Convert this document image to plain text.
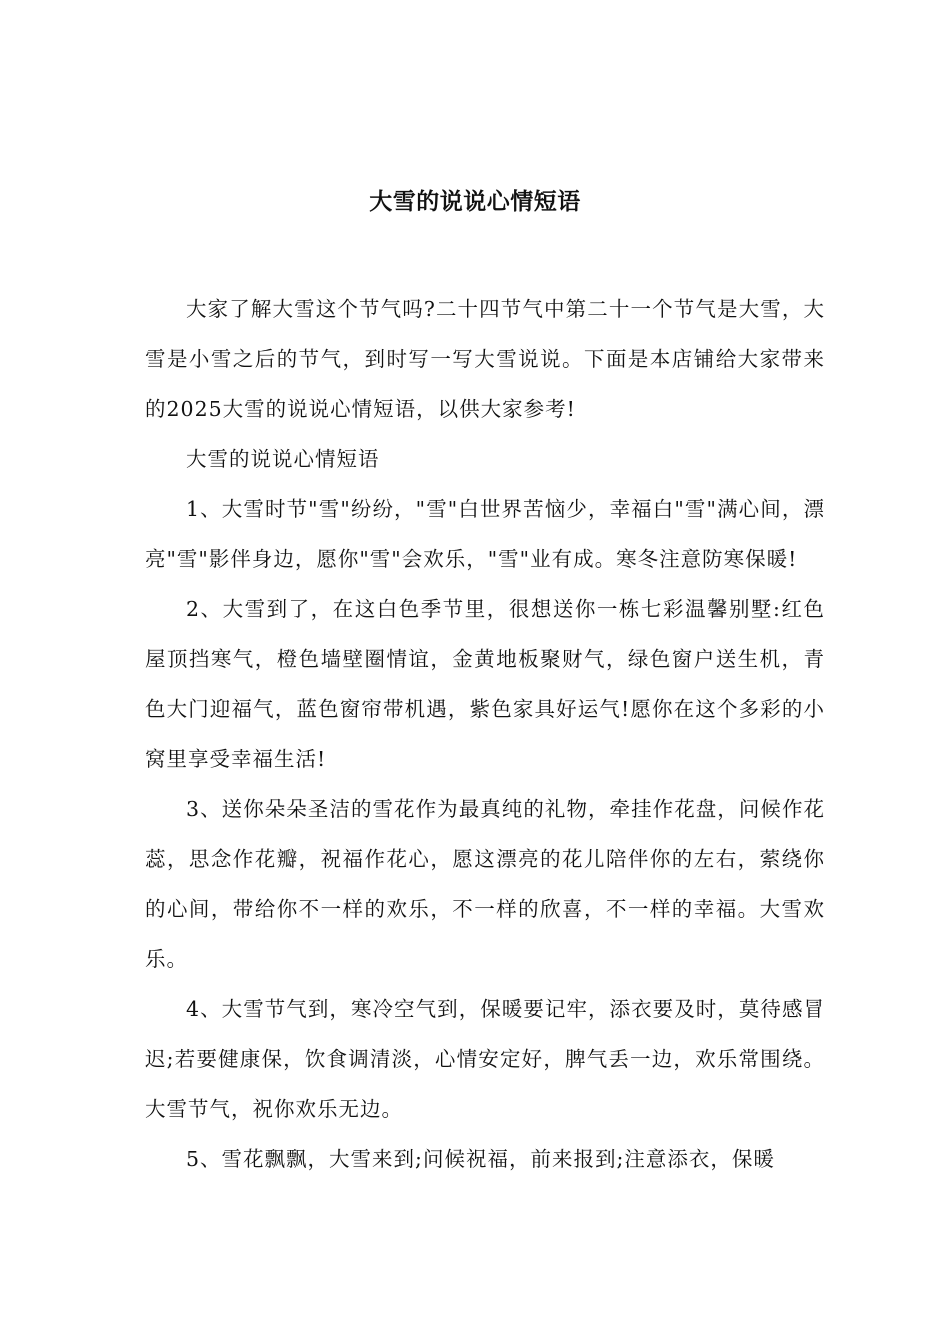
大雪的说说心情短语

大家了解大雪这个节气吗?二十四节气中第二十一个节气是大雪，大雪是小雪之后的节气，到时写一写大雪说说。下面是本店铺给大家带来的2025大雪的说说心情短语，以供大家参考!

大雪的说说心情短语

1、大雪时节"雪"纷纷，"雪"白世界苦恼少，幸福白"雪"满心间，漂亮"雪"影伴身边，愿你"雪"会欢乐，"雪"业有成。寒冬注意防寒保暖!

2、大雪到了，在这白色季节里，很想送你一栋七彩温馨别墅:红色屋顶挡寒气，橙色墙壁圈情谊，金黄地板聚财气，绿色窗户送生机，青色大门迎福气，蓝色窗帘带机遇，紫色家具好运气!愿你在这个多彩的小窝里享受幸福生活!

3、送你朵朵圣洁的雪花作为最真纯的礼物，牵挂作花盘，问候作花蕊，思念作花瓣，祝福作花心，愿这漂亮的花儿陪伴你的左右，萦绕你的心间，带给你不一样的欢乐，不一样的欣喜，不一样的幸福。大雪欢乐。

4、大雪节气到，寒冷空气到，保暖要记牢，添衣要及时，莫待感冒迟;若要健康保，饮食调清淡，心情安定好，脾气丢一边，欢乐常围绕。大雪节气，祝你欢乐无边。

5、雪花飘飘，大雪来到;问候祝福，前来报到;注意添衣，保暖
